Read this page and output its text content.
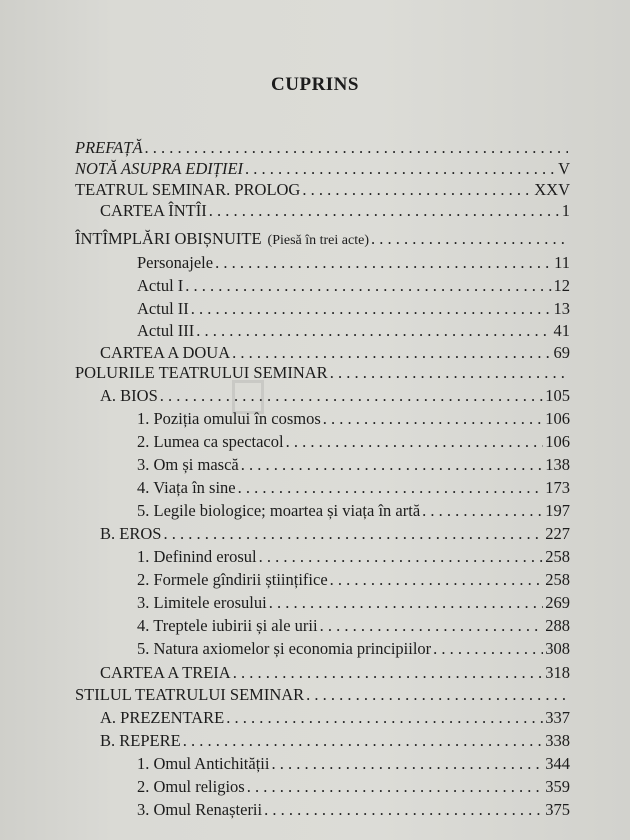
CUPRINS
PREFAȚĂ
. . .
NOTĂ ASUPRA EDIȚIEI . . .	V
TEATRUL SEMINAR. PROLOG . . .	XXV
CARTEA ÎNTÎI . . .	1
ÎNTÎMPLĂRI OBIȘNUITE (Piesă în trei acte)
. . .
Personajele . . .	11
Actul I . . .	12
Actul II . . .	13
Actul III . . .	41
CARTEA A DOUA . . .	69
POLURILE TEATRULUI SEMINAR
. . .
A. BIOS . . .	105
1. Poziția omului în cosmos . . .	106
2. Lumea ca spectacol . . .	106
3. Om și mască . . .	138
4. Viața în sine . . .	173
5. Legile biologice; moartea și viața în artă . . .	197
B. EROS . . .	227
1. Definind erosul . . .	258
2. Formele gîndirii științifice . . .	258
3. Limitele erosului . . .	269
4. Treptele iubirii și ale urii . . .	288
5. Natura axiomelor și economia principiilor . . .	308
CARTEA A TREIA . . .	318
STILUL TEATRULUI SEMINAR
. . .
A. PREZENTARE . . .	337
B. REPERE . . .	338
1. Omul Antichității . . .	344
2. Omul religios . . .	359
3. Omul Renașterii . . .	375
